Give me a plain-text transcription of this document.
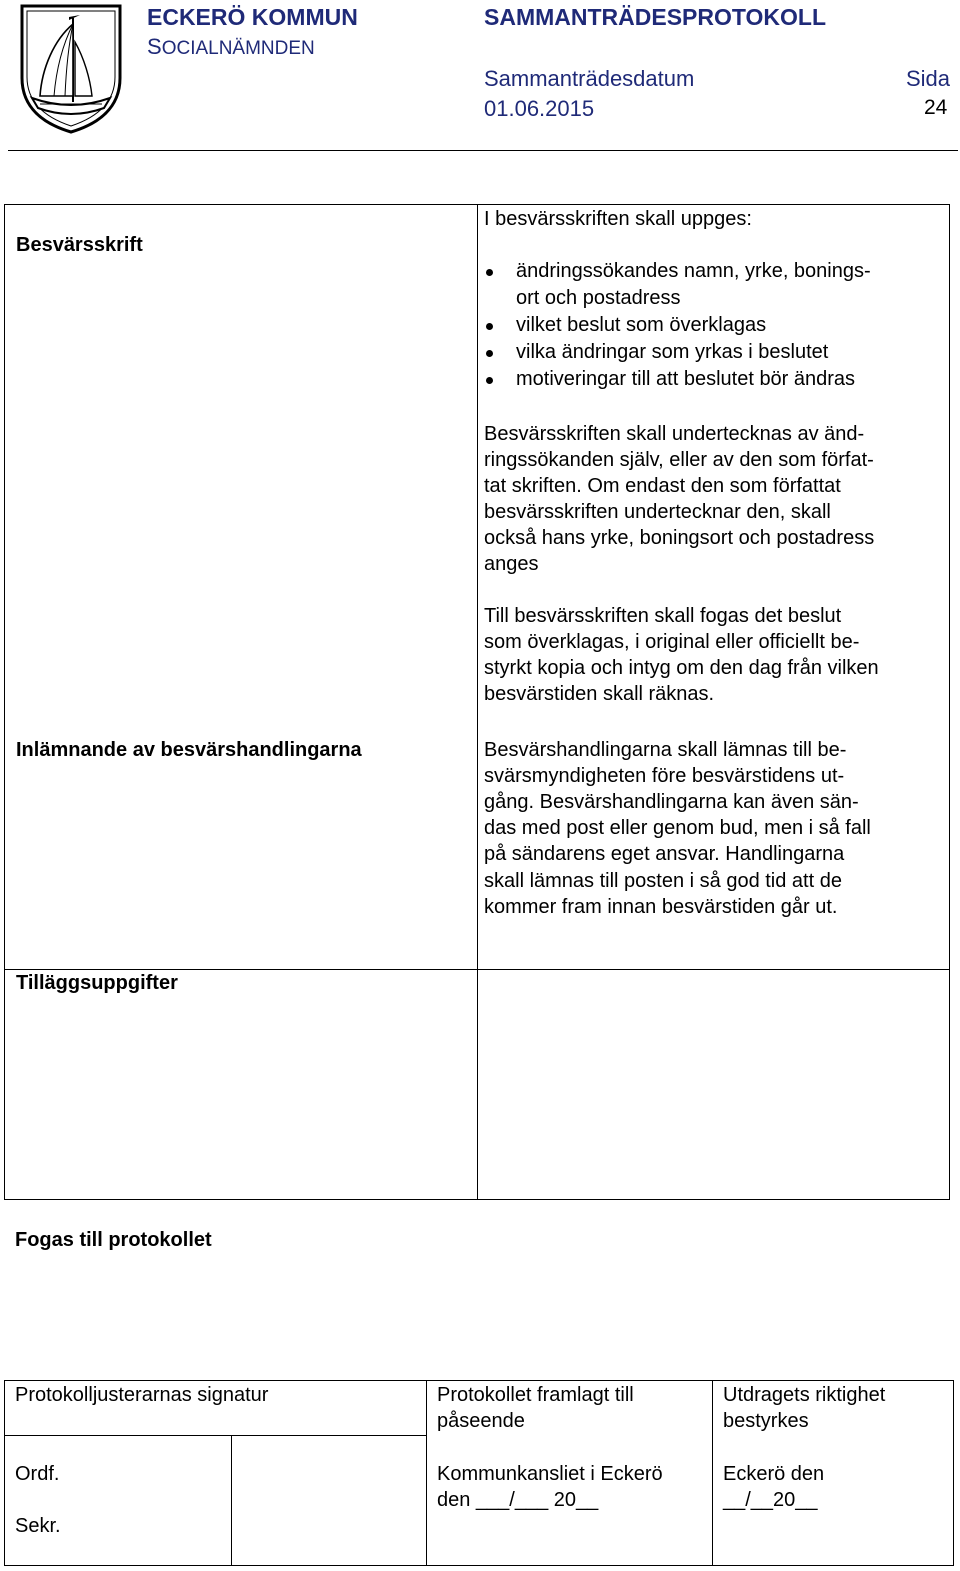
ECKERÖ KOMMUN
SOCIALNÄMNDEN
SAMMANTRÄDESPROTOKOLL
Sammanträdesdatum
01.06.2015
Sida
24
Besvärsskrift
Inlämnande av besvärshandlingarna
Tilläggsuppgifter
I besvärsskriften skall uppges:
ändringssökandes namn, yrke, bonings-
ort och postadress
vilket beslut som överklagas
vilka ändringar som yrkas i beslutet
motiveringar till att beslutet bör ändras
Besvärsskriften skall undertecknas av änd-
ringssökanden själv, eller av den som förfat-
tat skriften. Om endast den som författat
besvärsskriften undertecknar den, skall
också hans yrke, boningsort och postadress
anges
Till besvärsskriften skall fogas det beslut
som överklagas, i original eller officiellt be-
styrkt kopia och intyg om den dag från vilken
besvärstiden skall räknas.
Besvärshandlingarna skall lämnas till be-
svärsmyndigheten före besvärstidens ut-
gång. Besvärshandlingarna kan även sän-
das med post eller genom bud, men i så fall
på sändarens eget ansvar. Handlingarna
skall lämnas till posten i så god tid att de
kommer fram innan besvärstiden går ut.
Fogas till protokollet
Protokolljusterarnas signatur
Ordf.
Sekr.
Protokollet framlagt till
påseende
Kommunkansliet i Eckerö
den ___/___ 20__
Utdragets riktighet
bestyrkes
Eckerö den
__/__20__
